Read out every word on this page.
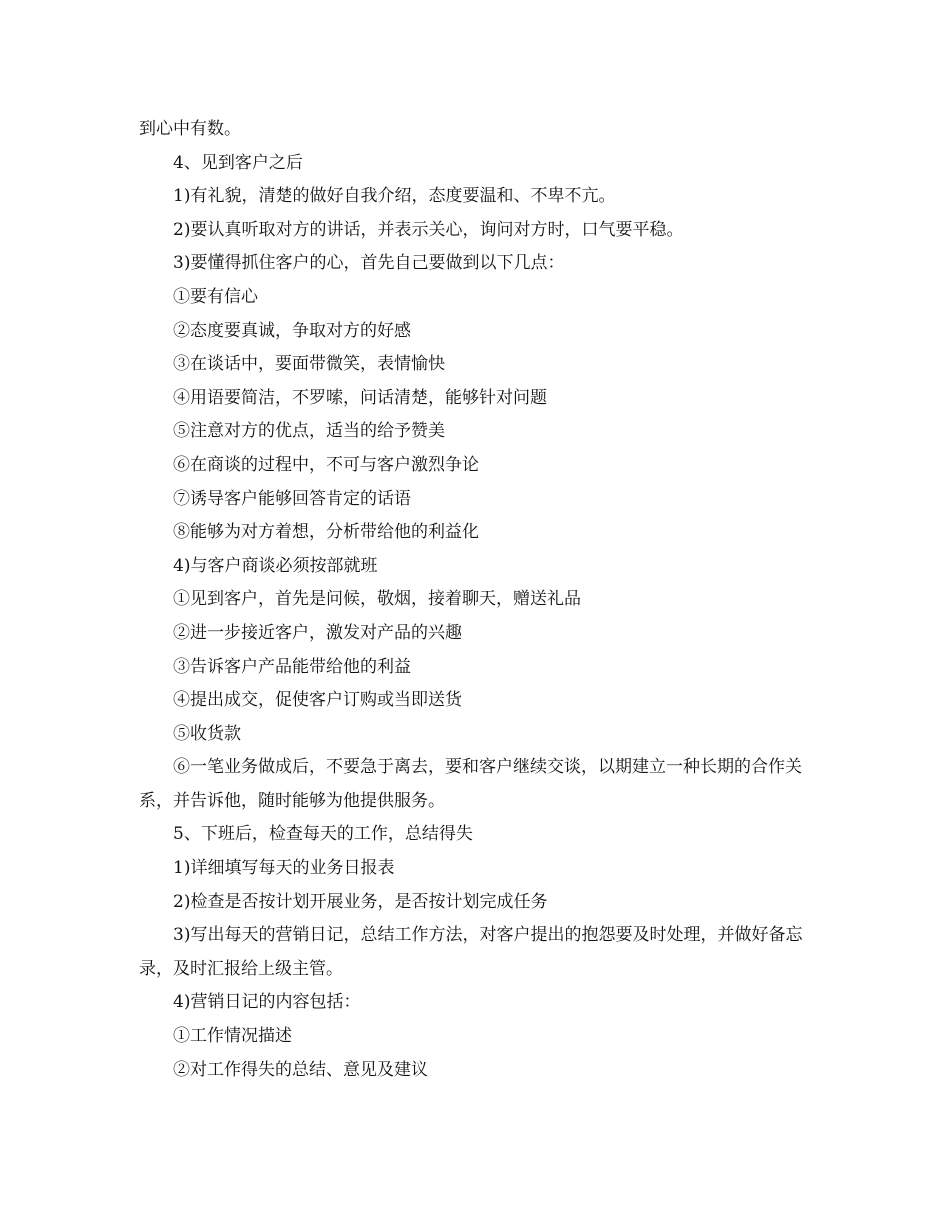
到心中有数。

4、见到客户之后

1)有礼貌，清楚的做好自我介绍，态度要温和、不卑不亢。

2)要认真听取对方的讲话，并表示关心，询问对方时，口气要平稳。

3)要懂得抓住客户的心，首先自己要做到以下几点：

①要有信心

②态度要真诚，争取对方的好感

③在谈话中，要面带微笑，表情愉快

④用语要简洁，不罗嗦，问话清楚，能够针对问题

⑤注意对方的优点，适当的给予赞美

⑥在商谈的过程中，不可与客户激烈争论

⑦诱导客户能够回答肯定的话语

⑧能够为对方着想，分析带给他的利益化

4)与客户商谈必须按部就班

①见到客户，首先是问候，敬烟，接着聊天，赠送礼品

②进一步接近客户，激发对产品的兴趣

③告诉客户产品能带给他的利益

④提出成交，促使客户订购或当即送货

⑤收货款

⑥一笔业务做成后，不要急于离去，要和客户继续交谈，以期建立一种长期的合作关系，并告诉他，随时能够为他提供服务。

5、下班后，检查每天的工作，总结得失

1)详细填写每天的业务日报表

2)检查是否按计划开展业务，是否按计划完成任务

3)写出每天的营销日记，总结工作方法，对客户提出的抱怨要及时处理，并做好备忘录，及时汇报给上级主管。

4)营销日记的内容包括：

①工作情况描述

②对工作得失的总结、意见及建议
